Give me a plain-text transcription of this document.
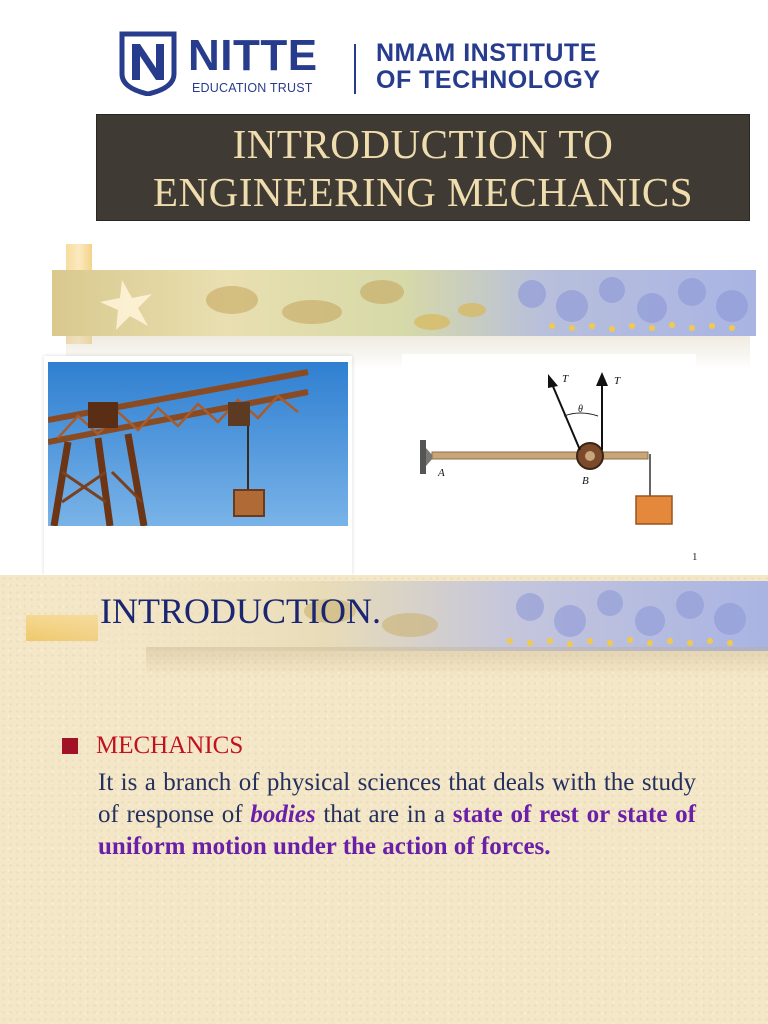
NITTE
EDUCATION TRUST
NMAM INSTITUTE
OF TECHNOLOGY
INTRODUCTION TO
ENGINEERING MECHANICS
T	T
θ
A
B
1
INTRODUCTION.
MECHANICS

It is a branch of physical sciences that deals with the study of response of bodies that are in a state of rest or state of uniform motion under the action of forces.
